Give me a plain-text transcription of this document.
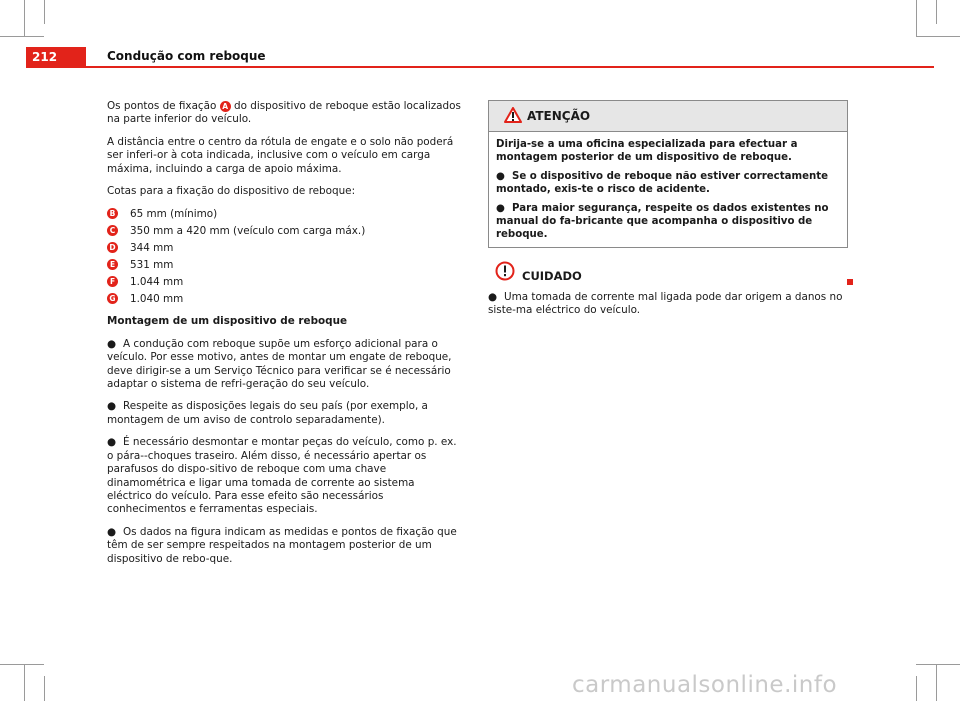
212	Condução com reboque

Os pontos de fixação A do dispositivo de reboque estão localizados na parte inferior do veículo.

A distância entre o centro da rótula de engate e o solo não poderá ser inferi-or à cota indicada, inclusive com o veículo em carga máxima, incluindo a carga de apoio máxima.

Cotas para a fixação do dispositivo de reboque:

B 65 mm (mínimo)
C 350 mm a 420 mm (veículo com carga máx.)
D 344 mm
E 531 mm
F 1.044 mm
G 1.040 mm

Montagem de um dispositivo de reboque

● A condução com reboque supõe um esforço adicional para o veículo. Por esse motivo, antes de montar um engate de reboque, deve dirigir-se a um Serviço Técnico para verificar se é necessário adaptar o sistema de refri-geração do seu veículo.

● Respeite as disposições legais do seu país (por exemplo, a montagem de um aviso de controlo separadamente).

● É necessário desmontar e montar peças do veículo, como p. ex. o pára--choques traseiro. Além disso, é necessário apertar os parafusos do dispo-sitivo de reboque com uma chave dinamométrica e ligar uma tomada de corrente ao sistema eléctrico do veículo. Para esse efeito são necessários conhecimentos e ferramentas especiais.

● Os dados na figura indicam as medidas e pontos de fixação que têm de ser sempre respeitados na montagem posterior de um dispositivo de rebo-que.

ATENÇÃO

Dirija-se a uma oficina especializada para efectuar a montagem posterior de um dispositivo de reboque.

● Se o dispositivo de reboque não estiver correctamente montado, exis-te o risco de acidente.

● Para maior segurança, respeite os dados existentes no manual do fa-bricante que acompanha o dispositivo de reboque.

CUIDADO

● Uma tomada de corrente mal ligada pode dar origem a danos no siste-ma eléctrico do veículo.

carmanualsonline.info
